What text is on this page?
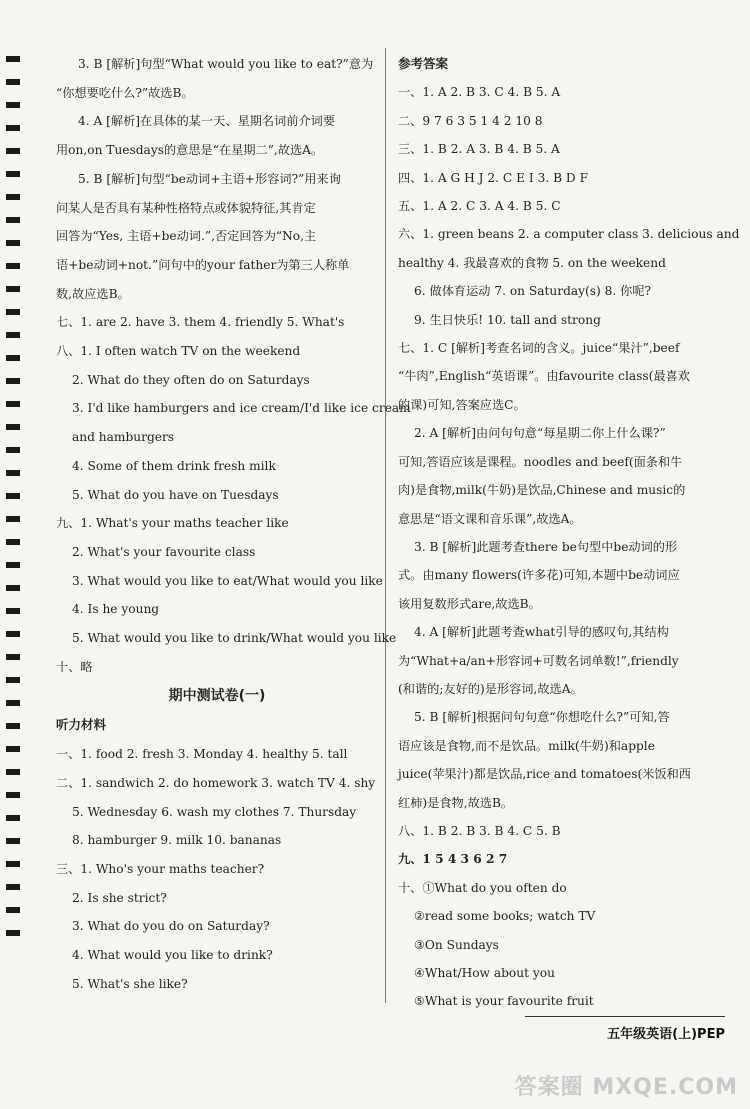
3. B [解析]句型“What would you like to eat?”意为
“你想要吃什么?”故选B。
4. A [解析]在具体的某一天、星期名词前介词要
用on,on Tuesdays的意思是“在星期二”,故选A。
5. B [解析]句型“be动词+主语+形容词?”用来询
问某人是否具有某种性格特点或体貌特征,其肯定
回答为“Yes, 主语+be动词.”,否定回答为“No,主
语+be动词+not.”问句中的your father为第三人称单
数,故应选B。
七、1. are 2. have 3. them 4. friendly 5. What's
八、1. I often watch TV on the weekend
2. What do they often do on Saturdays
3. I'd like hamburgers and ice cream/I'd like ice cream
and hamburgers
4. Some of them drink fresh milk
5. What do you have on Tuesdays
九、1. What's your maths teacher like
2. What's your favourite class
3. What would you like to eat/What would you like
4. Is he young
5. What would you like to drink/What would you like
十、略
期中测试卷(一)
听力材料
一、1. food 2. fresh 3. Monday 4. healthy 5. tall
二、1. sandwich 2. do homework 3. watch TV 4. shy
5. Wednesday 6. wash my clothes 7. Thursday
8. hamburger 9. milk 10. bananas
三、1. Who's your maths teacher?
2. Is she strict?
3. What do you do on Saturday?
4. What would you like to drink?
5. What's she like?
参考答案
一、1. A 2. B 3. C 4. B 5. A
二、9 7 6 3 5 1 4 2 10 8
三、1. B 2. A 3. B 4. B 5. A
四、1. A G H J 2. C E I 3. B D F
五、1. A 2. C 3. A 4. B 5. C
六、1. green beans 2. a computer class 3. delicious and
healthy 4. 我最喜欢的食物 5. on the weekend
6. 做体育运动 7. on Saturday(s) 8. 你呢?
9. 生日快乐! 10. tall and strong
七、1. C [解析]考查名词的含义。juice“果汁”,beef
“牛肉”,English“英语课”。由favourite class(最喜欢
的课)可知,答案应选C。
2. A [解析]由问句句意“每星期二你上什么课?”
可知,答语应该是课程。noodles and beef(面条和牛
肉)是食物,milk(牛奶)是饮品,Chinese and music的
意思是“语文课和音乐课”,故选A。
3. B [解析]此题考查there be句型中be动词的形
式。由many flowers(许多花)可知,本题中be动词应
该用复数形式are,故选B。
4. A [解析]此题考查what引导的感叹句,其结构
为“What+a/an+形容词+可数名词单数!”,friendly
(和谐的;友好的)是形容词,故选A。
5. B [解析]根据问句句意“你想吃什么?”可知,答
语应该是食物,而不是饮品。milk(牛奶)和apple
juice(苹果汁)都是饮品,rice and tomatoes(米饭和西
红柿)是食物,故选B。
八、1. B 2. B 3. B 4. C 5. B
九、1 5 4 3 6 2 7
十、①What do you often do
②read some books; watch TV
③On Sundays
④What/How about you
⑤What is your favourite fruit
五年级英语(上)PEP
答案圈 MXQE.COM
